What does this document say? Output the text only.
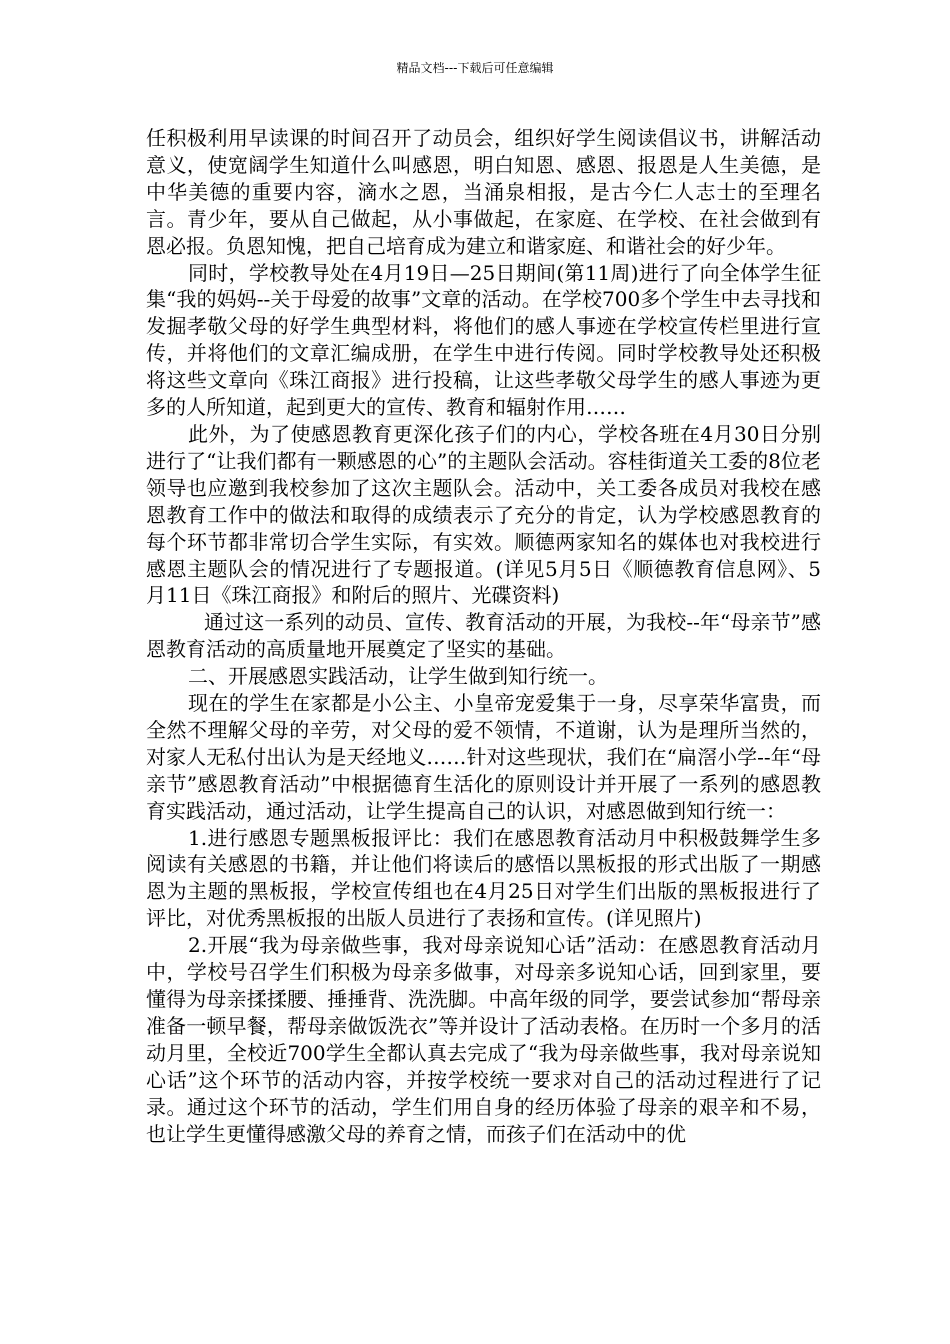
精品文档---下载后可任意编辑

任积极利用早读课的时间召开了动员会，组织好学生阅读倡议书，讲解活动意义，使宽阔学生知道什么叫感恩，明白知恩、感恩、报恩是人生美德，是中华美德的重要内容，滴水之恩，当涌泉相报，是古今仁人志士的至理名言。青少年，要从自己做起，从小事做起，在家庭、在学校、在社会做到有恩必报。负恩知愧，把自己培育成为建立和谐家庭、和谐社会的好少年。

同时，学校教导处在4月19日—25日期间(第11周)进行了向全体学生征集“我的妈妈--关于母爱的故事”文章的活动。在学校700多个学生中去寻找和发掘孝敬父母的好学生典型材料，将他们的感人事迹在学校宣传栏里进行宣传，并将他们的文章汇编成册，在学生中进行传阅。同时学校教导处还积极将这些文章向《珠江商报》进行投稿，让这些孝敬父母学生的感人事迹为更多的人所知道，起到更大的宣传、教育和辐射作用……

此外，为了使感恩教育更深化孩子们的内心，学校各班在4月30日分别进行了“让我们都有一颗感恩的心”的主题队会活动。容桂街道关工委的8位老领导也应邀到我校参加了这次主题队会。活动中，关工委各成员对我校在感恩教育工作中的做法和取得的成绩表示了充分的肯定，认为学校感恩教育的每个环节都非常切合学生实际，有实效。顺德两家知名的媒体也对我校进行感恩主题队会的情况进行了专题报道。(详见5月5日《顺德教育信息网》、5月11日《珠江商报》和附后的照片、光碟资料)

通过这一系列的动员、宣传、教育活动的开展，为我校--年“母亲节”感恩教育活动的高质量地开展奠定了坚实的基础。

二、开展感恩实践活动，让学生做到知行统一。

现在的学生在家都是小公主、小皇帝宠爱集于一身，尽享荣华富贵，而全然不理解父母的辛劳，对父母的爱不领情，不道谢，认为是理所当然的，对家人无私付出认为是天经地义……针对这些现状，我们在“扁滘小学--年“母亲节”感恩教育活动”中根据德育生活化的原则设计并开展了一系列的感恩教育实践活动，通过活动，让学生提高自己的认识，对感恩做到知行统一：

1.进行感恩专题黑板报评比：我们在感恩教育活动月中积极鼓舞学生多阅读有关感恩的书籍，并让他们将读后的感悟以黑板报的形式出版了一期感恩为主题的黑板报，学校宣传组也在4月25日对学生们出版的黑板报进行了评比，对优秀黑板报的出版人员进行了表扬和宣传。(详见照片)

2.开展“我为母亲做些事，我对母亲说知心话”活动：在感恩教育活动月中，学校号召学生们积极为母亲多做事，对母亲多说知心话，回到家里，要懂得为母亲揉揉腰、捶捶背、洗洗脚。中高年级的同学，要尝试参加“帮母亲准备一顿早餐，帮母亲做饭洗衣”等并设计了活动表格。在历时一个多月的活动月里，全校近700学生全都认真去完成了“我为母亲做些事，我对母亲说知心话”这个环节的活动内容，并按学校统一要求对自己的活动过程进行了记录。通过这个环节的活动，学生们用自身的经历体验了母亲的艰辛和不易，也让学生更懂得感激父母的养育之情，而孩子们在活动中的优
